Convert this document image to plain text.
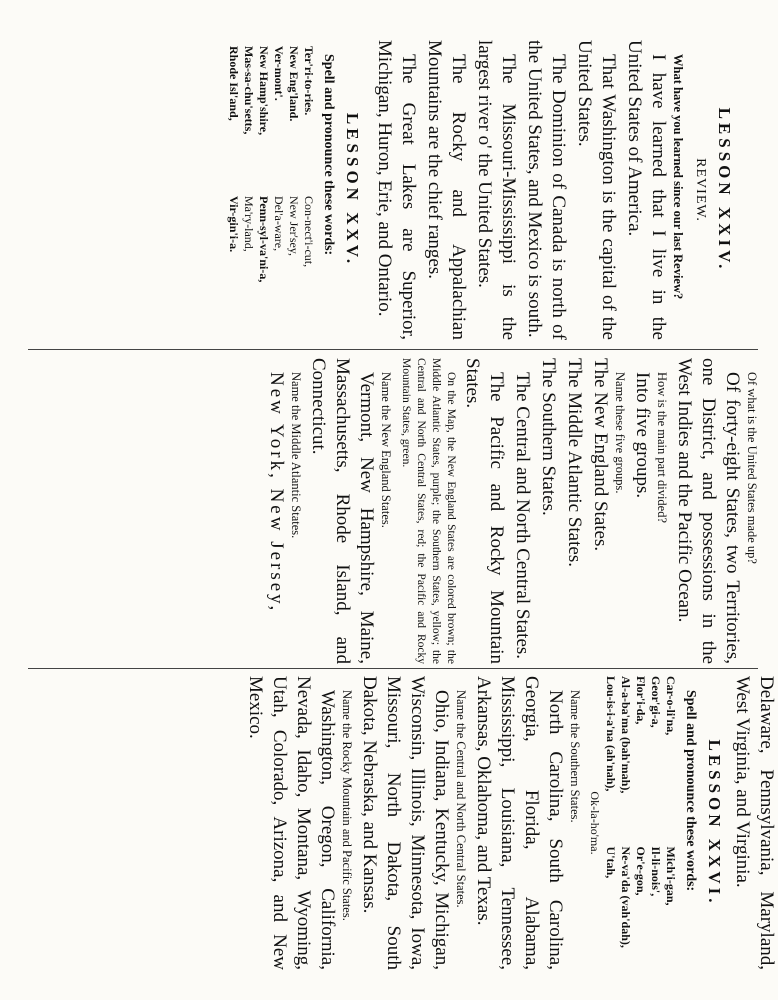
LESSON XXIV.
REVIEW.

What have you learned since our last Review?

I have learned that I live in the United States of America.

That Washington is the capital of the United States.

The Dominion of Canada is north of the United States, and Mexico is south.

The Missouri-Mississippi is the largest river o' the United States.

The Rocky and Appalachian Mountains are the chief ranges.

The Great Lakes are Superior, Michigan, Huron, Erie, and Ontario.

LESSON XXV.
Spell and pronounce these words:
Ter'ri-to-ries.
New Eng'land.
Ver-mont'.
New Hamp'shire,
Mas-sa-chu'setts,
Rhode Isl'and,
Con-nect'i-cut,
New Jer'sey,
Del'a-ware,
Penn-syl-va'ni-a,
Ma'ry-land,
Vir-gin'i-a.

Of what is the United States made up?

Of forty-eight States, two Territories, one District, and possessions in the West Indies and the Pacific Ocean.

How is the main part divided?

Into five groups.

Name these five groups.

The New England States.

The Middle Atlantic States.

The Southern States.

The Central and North Central States.

The Pacific and Rocky Mountain States.

On the Map, the New England States are colored brown; the Middle Atlantic States, purple; the Southern States, yellow; the Central and North Central States, red; the Pacific and Rocky Mountain States, green.

Name the New England States.

Vermont, New Hampshire, Maine, Massachusetts, Rhode Island, and Connecticut.

Name the Middle Atlantic States.

New York, New Jersey,

Delaware, Pennsylvania, Maryland, West Virginia, and Virginia.

LESSON XXVI.
Spell and pronounce these words:
Car-o-li'na,
Geor'gi-a,
Flor'i-da,
Al-a-ba'ma (bah'mah),
Lou-is-i-a'na (ah'nah),
Mich'i-gan,
Il-li-nois',
Or'e-gon,
Ne-va'da (vah'dah),
U'tah,
Ok-la-ho'ma.

Name the Southern States.

North Carolina, South Carolina, Georgia, Florida, Alabama, Mississippi, Louisiana, Tennessee, Arkansas, Oklahoma, and Texas.

Name the Central and North Central States.

Ohio, Indiana, Kentucky, Michigan, Wisconsin, Illinois, Minnesota, Iowa, Missouri, North Dakota, South Dakota, Nebraska, and Kansas.

Name the Rocky Mountain and Pacific States.

Washington, Oregon, California, Nevada, Idaho, Montana, Wyoming, Utah, Colorado, Arizona, and New Mexico.
